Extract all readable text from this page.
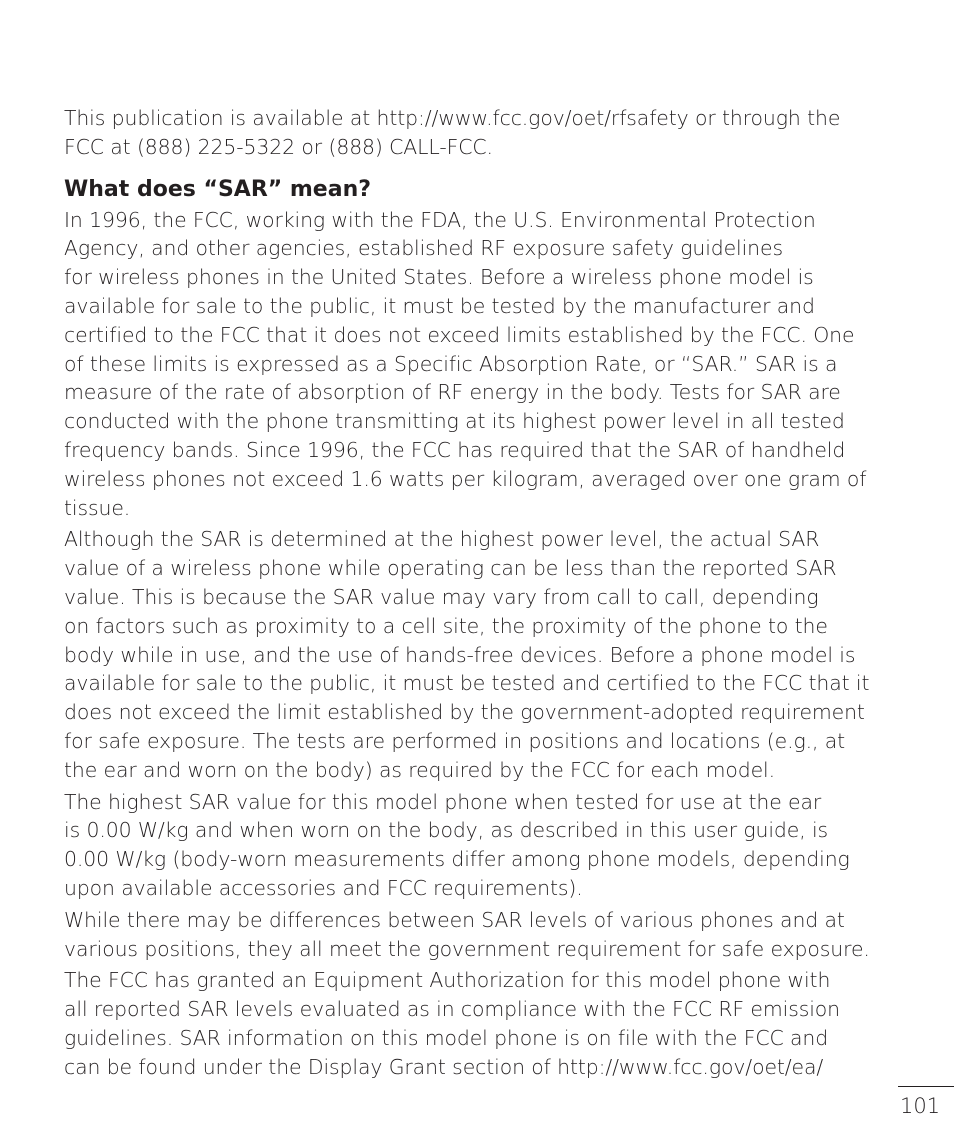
This publication is available at http://www.fcc.gov/oet/rfsafety or through the
FCC at (888) 225-5322 or (888) CALL-FCC.

What does “SAR” mean?

In 1996, the FCC, working with the FDA, the U.S. Environmental Protection
Agency, and other agencies, established RF exposure safety guidelines
for wireless phones in the United States. Before a wireless phone model is
available for sale to the public, it must be tested by the manufacturer and
certified to the FCC that it does not exceed limits established by the FCC. One
of these limits is expressed as a Specific Absorption Rate, or “SAR.” SAR is a
measure of the rate of absorption of RF energy in the body. Tests for SAR are
conducted with the phone transmitting at its highest power level in all tested
frequency bands. Since 1996, the FCC has required that the SAR of handheld
wireless phones not exceed 1.6 watts per kilogram, averaged over one gram of
tissue.

Although the SAR is determined at the highest power level, the actual SAR
value of a wireless phone while operating can be less than the reported SAR
value. This is because the SAR value may vary from call to call, depending
on factors such as proximity to a cell site, the proximity of the phone to the
body while in use, and the use of hands-free devices. Before a phone model is
available for sale to the public, it must be tested and certified to the FCC that it
does not exceed the limit established by the government-adopted requirement
for safe exposure. The tests are performed in positions and locations (e.g., at
the ear and worn on the body) as required by the FCC for each model.

The highest SAR value for this model phone when tested for use at the ear
is 0.00 W/kg and when worn on the body, as described in this user guide, is
0.00 W/kg (body-worn measurements differ among phone models, depending
upon available accessories and FCC requirements).

While there may be differences between SAR levels of various phones and at
various positions, they all meet the government requirement for safe exposure.

The FCC has granted an Equipment Authorization for this model phone with
all reported SAR levels evaluated as in compliance with the FCC RF emission
guidelines. SAR information on this model phone is on file with the FCC and
can be found under the Display Grant section of http://www.fcc.gov/oet/ea/

101
